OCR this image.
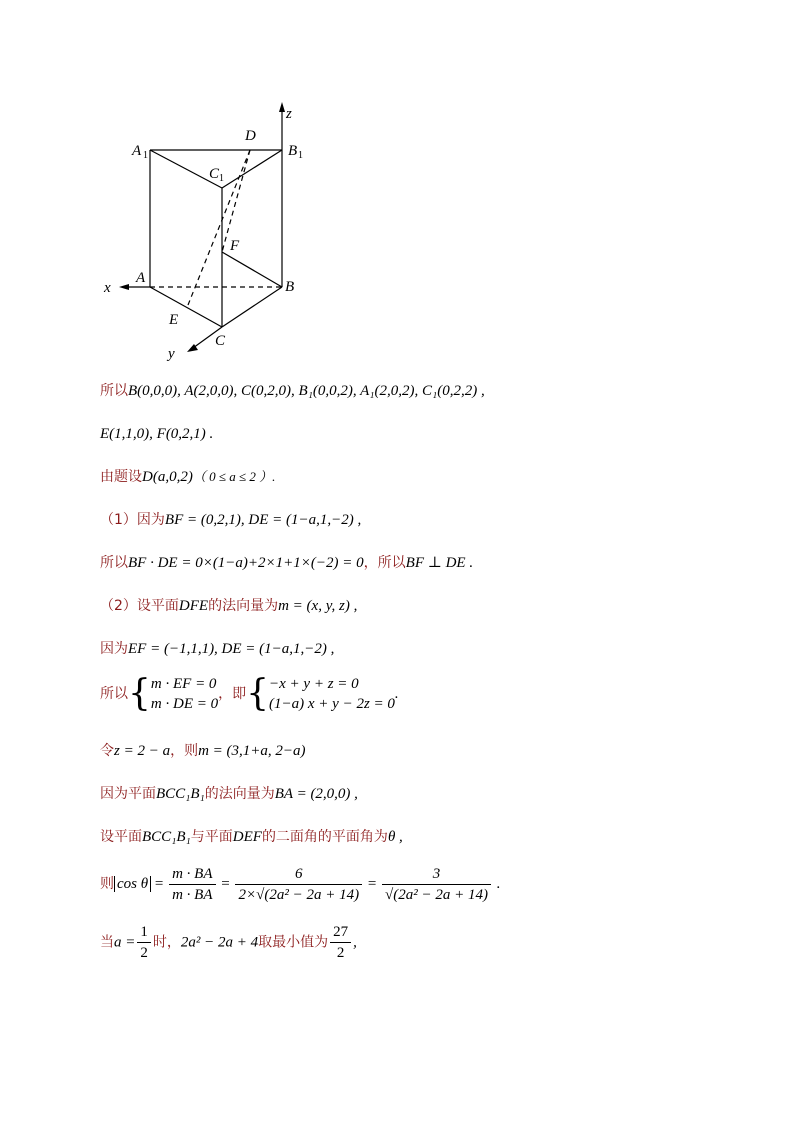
A 1	B 1
C 1
D
z
F
A
B
x
E
C
y
所以B(0,0,0), A(2,0,0), C(0,2,0), B₁(0,0,2), A₁(2,0,2), C₁(0,2,2) ,
E(1,1,0), F(0,2,1) .
由题设D(a,0,2)（ 0 ≤ a ≤ 2 ）.
（1）因为BF = (0,2,1), DE = (1−a,1,−2) ,
所以BF · DE = 0×(1−a)+2×1+1×(−2) = 0，所以BF ⊥ DE .
（2）设平面DFE的法向量为m = (x, y, z) ,
因为EF = (−1,1,1), DE = (1−a,1,−2) ,
所以{ m · EF = 0
m · DE = 0
，即{ −x + y + z = 0
(1−a) x + y − 2z = 0
.
令z = 2 − a，则m = (3,1+a, 2−a)
因为平面BCC₁B₁的法向量为BA = (2,0,0) ,
设平面BCC₁B₁与平面DEF的二面角的平面角为θ ,
则 $\cos \theta = \frac{m \cdot BA}{m \cdot BA} = \frac{6}{\text{2×√(2a² − 2a + 14)}} = \frac{3}{\text{√(2a² − 2a + 14)}}$ .
当$a = \frac{1}{2}$ 时，2a² − 2a + 4取最小值为 $\frac{27}{2}$ ,
